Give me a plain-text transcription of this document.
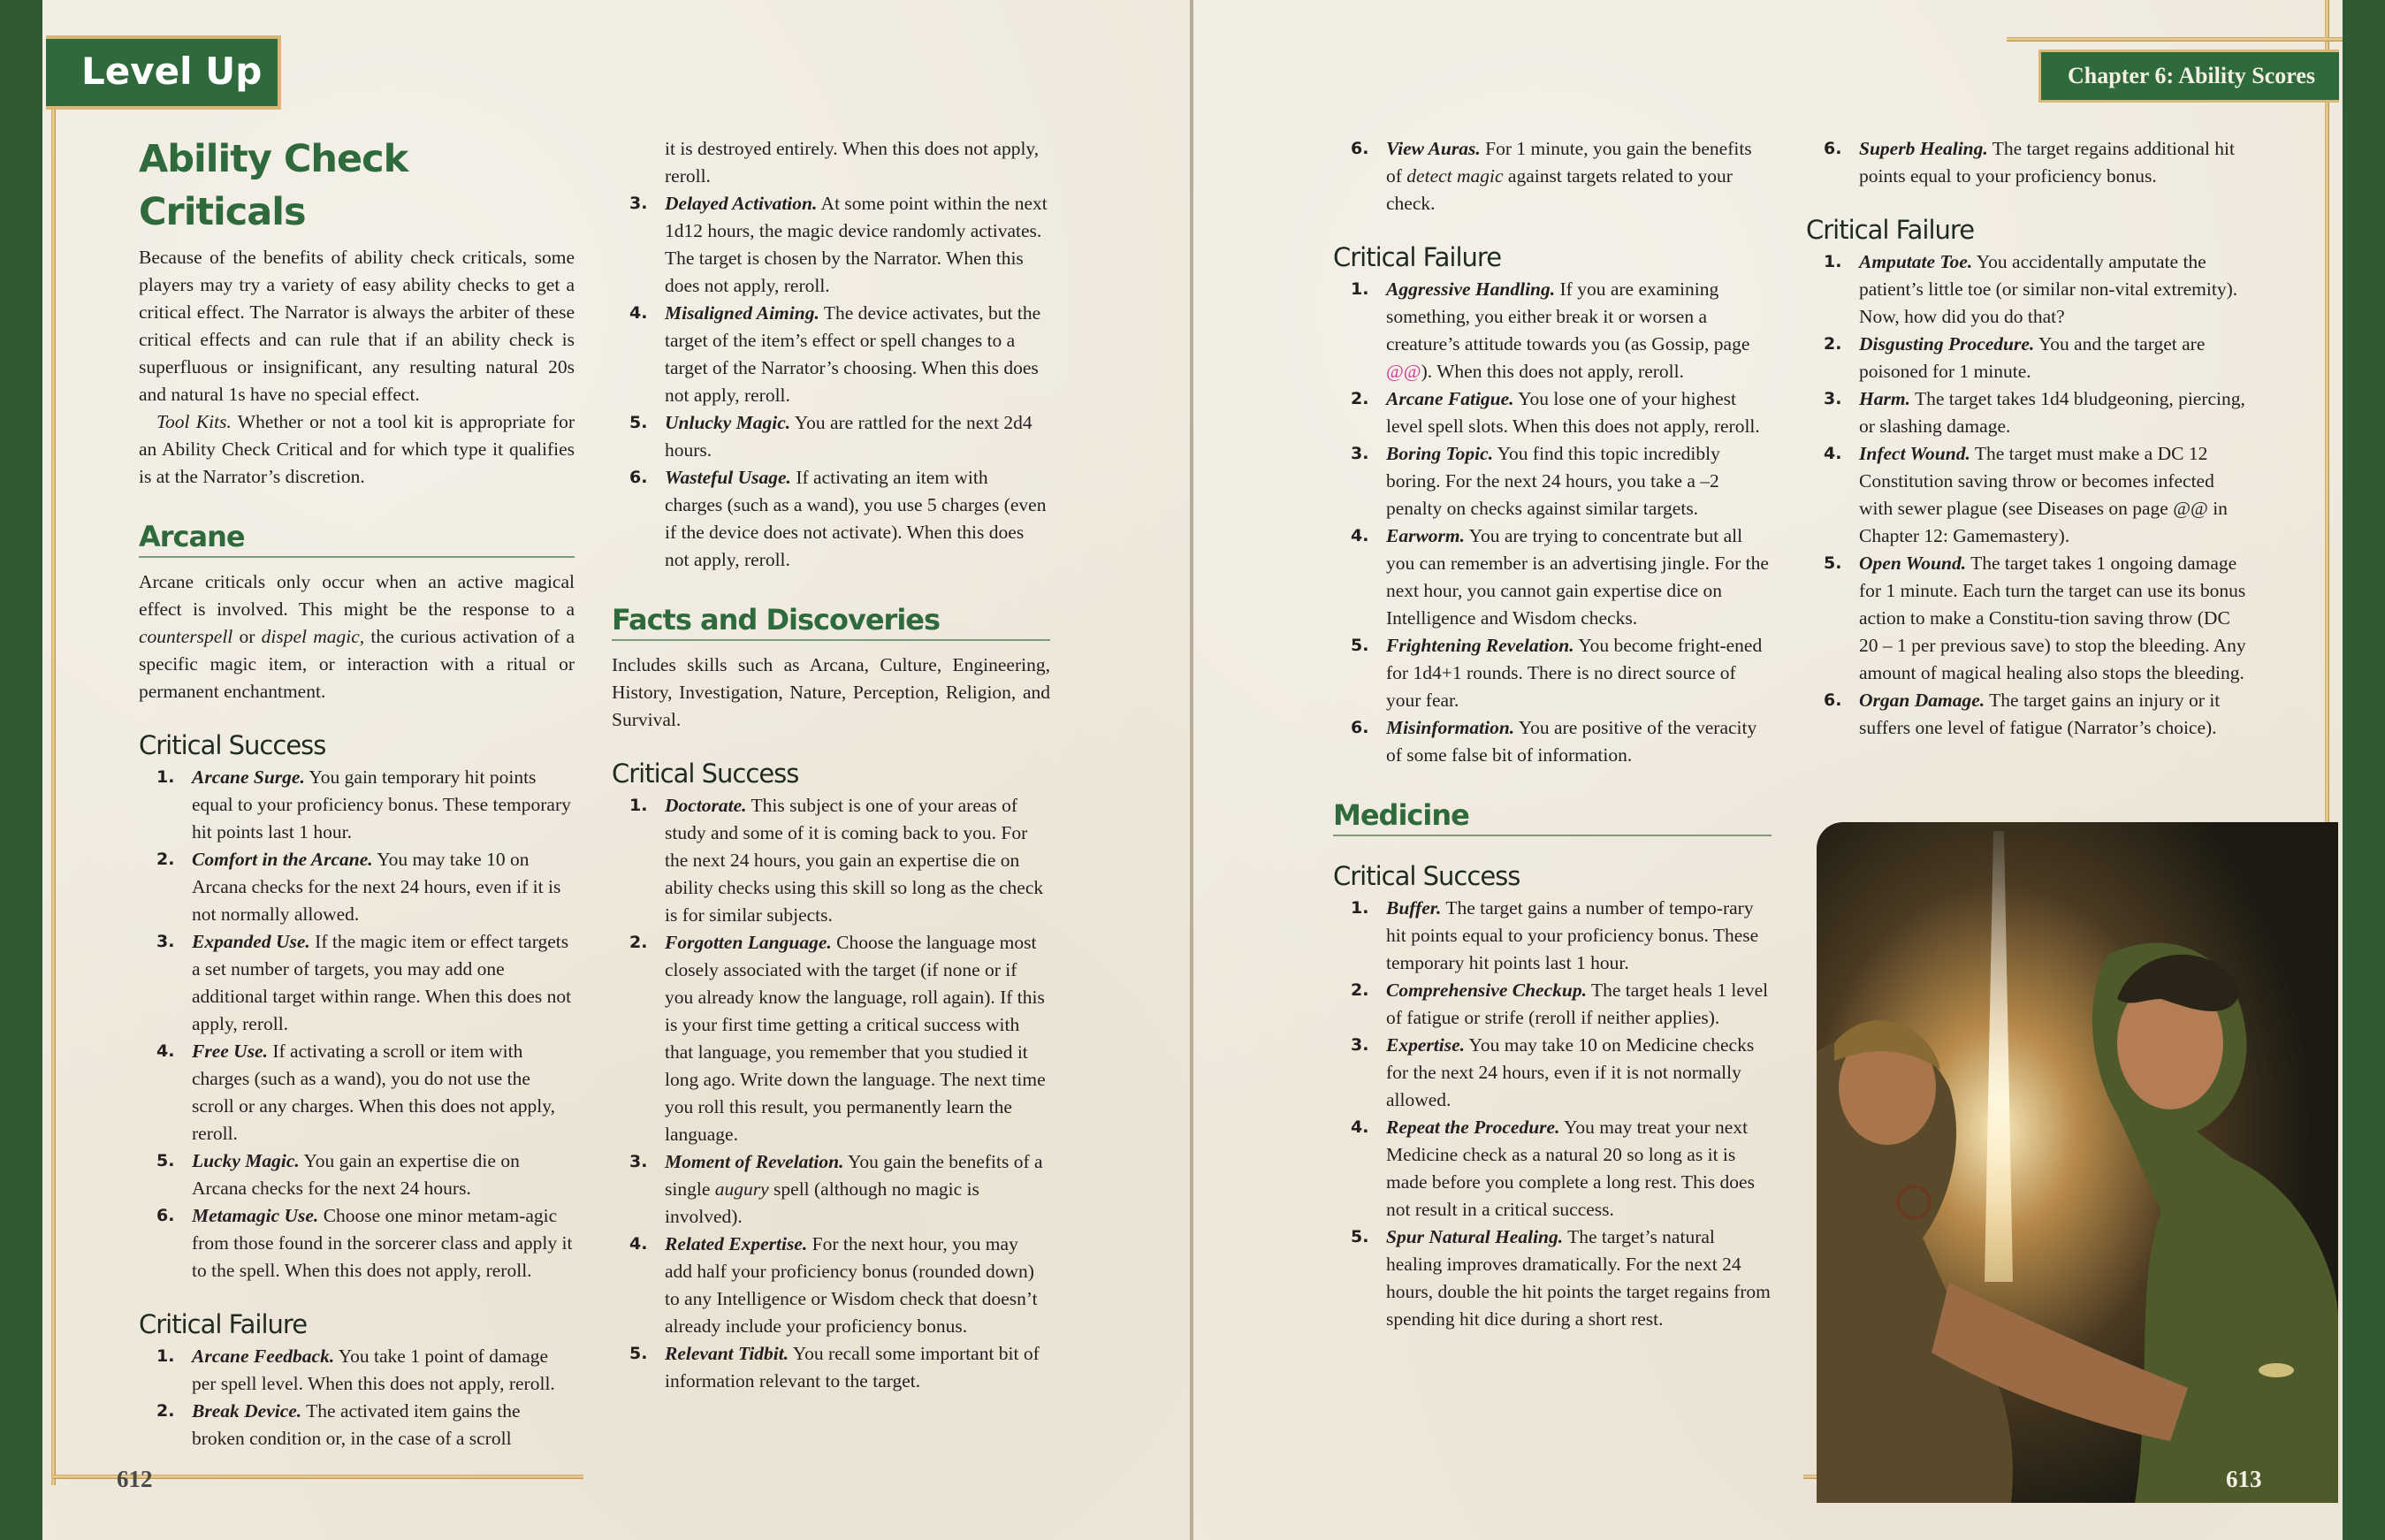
Level Up	Chapter 6: Ability Scores
Ability Check Criticals

Because of the benefits of ability check criticals, some players may try a variety of easy ability checks to get a critical effect. The Narrator is always the arbiter of these critical effects and can rule that if an ability check is superfluous or insignificant, any resulting natural 20s and natural 1s have no special effect.

Tool Kits. Whether or not a tool kit is appropriate for an Ability Check Critical and for which type it qualifies is at the Narrator’s discretion.

Arcane

Arcane criticals only occur when an active magical effect is involved. This might be the response to a counterspell or dispel magic, the curious activation of a specific magic item, or interaction with a ritual or permanent enchantment.

Critical Success
1. Arcane Surge. You gain temporary hit points equal to your proficiency bonus. These temporary hit points last 1 hour.
2. Comfort in the Arcane. You may take 10 on Arcana checks for the next 24 hours, even if it is not normally allowed.
3. Expanded Use. If the magic item or effect targets a set number of targets, you may add one additional target within range. When this does not apply, reroll.
4. Free Use. If activating a scroll or item with charges (such as a wand), you do not use the scroll or any charges. When this does not apply, reroll.
5. Lucky Magic. You gain an expertise die on Arcana checks for the next 24 hours.
6. Metamagic Use. Choose one minor metam-agic from those found in the sorcerer class and apply it to the spell. When this does not apply, reroll.
Critical Failure
1. Arcane Feedback. You take 1 point of damage per spell level. When this does not apply, reroll.
2. Break Device. The activated item gains the broken condition or, in the case of a scroll
it is destroyed entirely. When this does not apply, reroll.
3. Delayed Activation. At some point within the next 1d12 hours, the magic device randomly activates. The target is chosen by the Narrator. When this does not apply, reroll.
4. Misaligned Aiming. The device activates, but the target of the item’s effect or spell changes to a target of the Narrator’s choosing. When this does not apply, reroll.
5. Unlucky Magic. You are rattled for the next 2d4 hours.
6. Wasteful Usage. If activating an item with charges (such as a wand), you use 5 charges (even if the device does not activate). When this does not apply, reroll.
Facts and Discoveries

Includes skills such as Arcana, Culture, Engineering, History, Investigation, Nature, Perception, Religion, and Survival.

Critical Success
1. Doctorate. This subject is one of your areas of study and some of it is coming back to you. For the next 24 hours, you gain an expertise die on ability checks using this skill so long as the check is for similar subjects.
2. Forgotten Language. Choose the language most closely associated with the target (if none or if you already know the language, roll again). If this is your first time getting a critical success with that language, you remember that you studied it long ago. Write down the language. The next time you roll this result, you permanently learn the language.
3. Moment of Revelation. You gain the benefits of a single augury spell (although no magic is involved).
4. Related Expertise. For the next hour, you may add half your proficiency bonus (rounded down) to any Intelligence or Wisdom check that doesn’t already include your proficiency bonus.
5. Relevant Tidbit. You recall some important bit of information relevant to the target.
6. View Auras. For 1 minute, you gain the benefits of detect magic against targets related to your check.
Critical Failure
1. Aggressive Handling. If you are examining something, you either break it or worsen a creature’s attitude towards you (as Gossip, page @@). When this does not apply, reroll.
2. Arcane Fatigue. You lose one of your highest level spell slots. When this does not apply, reroll.
3. Boring Topic. You find this topic incredibly boring. For the next 24 hours, you take a –2 penalty on checks against similar targets.
4. Earworm. You are trying to concentrate but all you can remember is an advertising jingle. For the next hour, you cannot gain expertise dice on Intelligence and Wisdom checks.
5. Frightening Revelation. You become fright-ened for 1d4+1 rounds. There is no direct source of your fear.
6. Misinformation. You are positive of the veracity of some false bit of information.
Medicine
Critical Success
1. Buffer. The target gains a number of tempo-rary hit points equal to your proficiency bonus. These temporary hit points last 1 hour.
2. Comprehensive Checkup. The target heals 1 level of fatigue or strife (reroll if neither applies).
3. Expertise. You may take 10 on Medicine checks for the next 24 hours, even if it is not normally allowed.
4. Repeat the Procedure. You may treat your next Medicine check as a natural 20 so long as it is made before you complete a long rest. This does not result in a critical success.
5. Spur Natural Healing. The target’s natural healing improves dramatically. For the next 24 hours, double the hit points the target regains from spending hit dice during a short rest.
6. Superb Healing. The target regains additional hit points equal to your proficiency bonus.
Critical Failure
1. Amputate Toe. You accidentally amputate the patient’s little toe (or similar non-vital extremity). Now, how did you do that?
2. Disgusting Procedure. You and the target are poisoned for 1 minute.
3. Harm. The target takes 1d4 bludgeoning, piercing, or slashing damage.
4. Infect Wound. The target must make a DC 12 Constitution saving throw or becomes infected with sewer plague (see Diseases on page @@ in Chapter 12: Gamemastery).
5. Open Wound. The target takes 1 ongoing damage for 1 minute. Each turn the target can use its bonus action to make a Constitu-tion saving throw (DC 20 – 1 per previous save) to stop the bleeding. Any amount of magical healing also stops the bleeding.
6. Organ Damage. The target gains an injury or it suffers one level of fatigue (Narrator’s choice).
612	613
